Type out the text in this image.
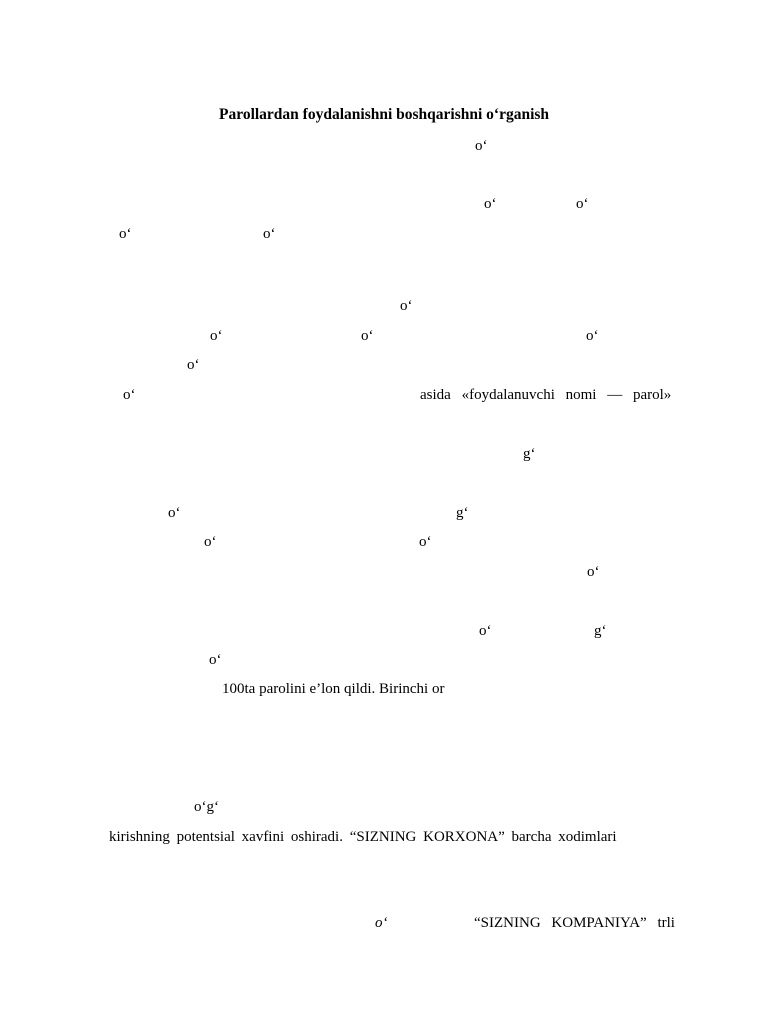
Parollardan foydalanishni boshqarishni o‘rganish
o‘
o‘	o‘
o‘	o‘
o‘
o‘	o‘	o‘
o‘
o‘	asida «foydalanuvchi nomi — parol»
g‘
o‘	g‘
o‘	o‘
o‘
o‘	g‘
o‘
100ta parolini e’lon qildi. Birinchi or
o‘g‘
kirishning potentsial xavfini oshiradi. “SIZNING KORXONA” barcha xodimlari
o‘	“SIZNING KOMPANIYA” trli
